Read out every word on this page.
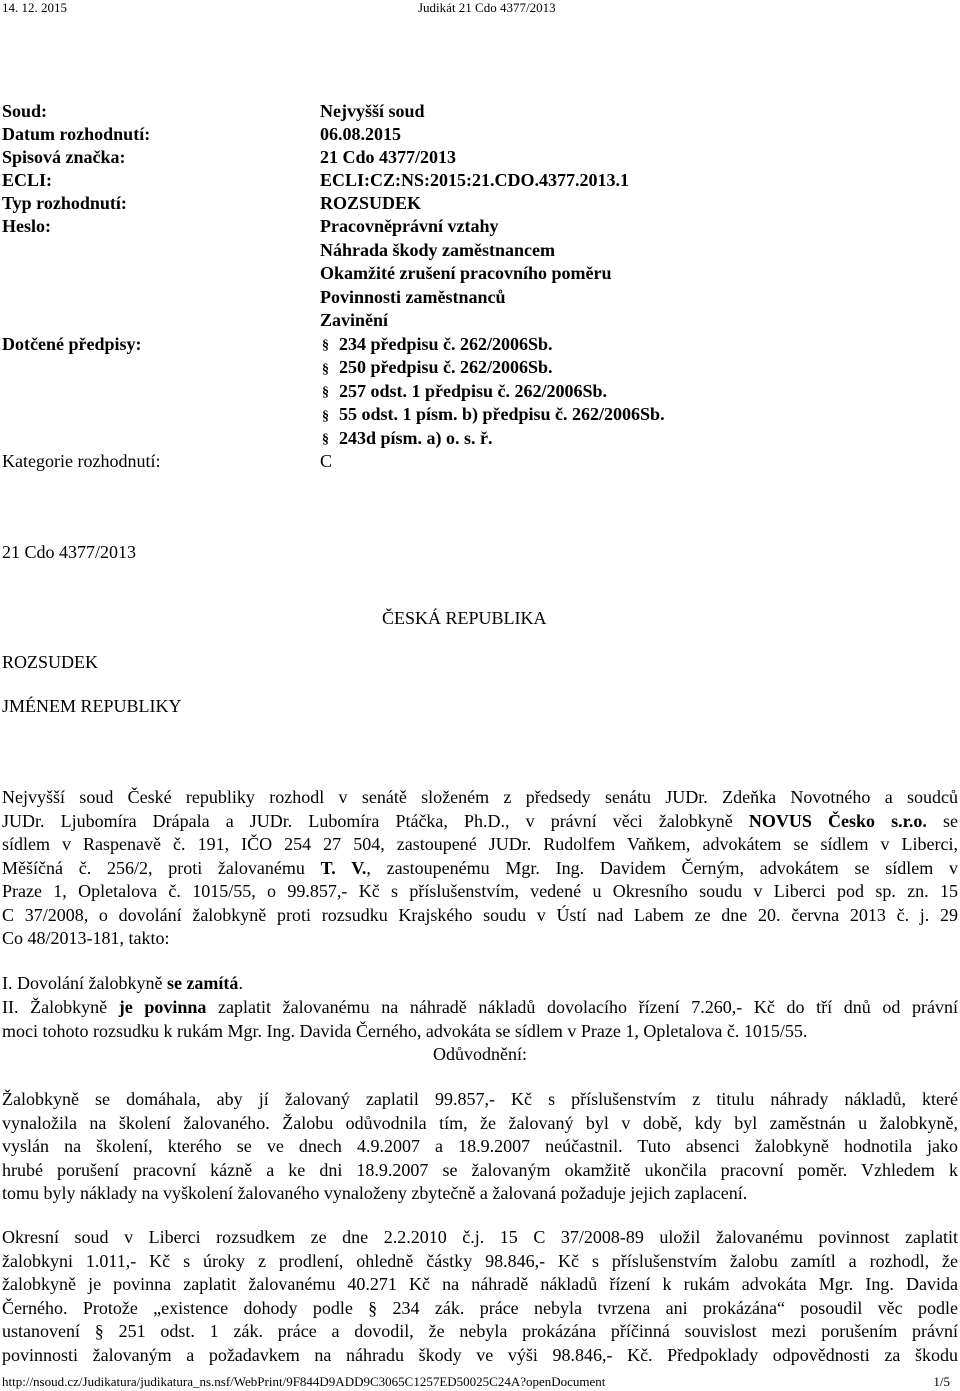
14. 12. 2015	Judikát 21 Cdo 4377/2013
Soud:	Nejvyšší soud
Datum rozhodnutí:	06.08.2015
Spisová značka:	21 Cdo 4377/2013
ECLI:	ECLI:CZ:NS:2015:21.CDO.4377.2013.1
Typ rozhodnutí:	ROZSUDEK
Heslo:	Pracovněprávní vztahy
Náhrada škody zaměstnancem
Okamžité zrušení pracovního poměru
Povinnosti zaměstnanců
Zavinění
Dotčené předpisy:	§ 234 předpisu č. 262/2006Sb.
§ 250 předpisu č. 262/2006Sb.
§ 257 odst. 1 předpisu č. 262/2006Sb.
§ 55 odst. 1 písm. b) předpisu č. 262/2006Sb.
§ 243d písm. a) o. s. ř.
Kategorie rozhodnutí:	C
21 Cdo 4377/2013
ČESKÁ REPUBLIKA
ROZSUDEK
JMÉNEM REPUBLIKY
Nejvyšší soud České republiky rozhodl v senátě složeném z předsedy senátu JUDr. Zdeňka Novotného a soudců
JUDr. Ljubomíra Drápala a JUDr. Lubomíra Ptáčka, Ph.D., v právní věci žalobkyně NOVUS Česko s.r.o. se
sídlem v Raspenavě č. 191, IČO 254 27 504, zastoupené JUDr. Rudolfem Vaňkem, advokátem se sídlem v Liberci,
Měšíčná č. 256/2, proti žalovanému T. V., zastoupenému Mgr. Ing. Davidem Černým, advokátem se sídlem v
Praze 1, Opletalova č. 1015/55, o 99.857,- Kč s příslušenstvím, vedené u Okresního soudu v Liberci pod sp. zn. 15
C 37/2008, o dovolání žalobkyně proti rozsudku Krajského soudu v Ústí nad Labem ze dne 20. června 2013 č. j. 29
Co 48/2013-181, takto:
I. Dovolání žalobkyně se zamítá.
II. Žalobkyně je povinna zaplatit žalovanému na náhradě nákladů dovolacího řízení 7.260,- Kč do tří dnů od právní
moci tohoto rozsudku k rukám Mgr. Ing. Davida Černého, advokáta se sídlem v Praze 1, Opletalova č. 1015/55.
Odůvodnění:
Žalobkyně se domáhala, aby jí žalovaný zaplatil 99.857,- Kč s příslušenstvím z titulu náhrady nákladů, které
vynaložila na školení žalovaného. Žalobu odůvodnila tím, že žalovaný byl v době, kdy byl zaměstnán u žalobkyně,
vyslán na školení, kterého se ve dnech 4.9.2007 a 18.9.2007 neúčastnil. Tuto absenci žalobkyně hodnotila jako
hrubé porušení pracovní kázně a ke dni 18.9.2007 se žalovaným okamžitě ukončila pracovní poměr. Vzhledem k
tomu byly náklady na vyškolení žalovaného vynaloženy zbytečně a žalovaná požaduje jejich zaplacení.
Okresní soud v Liberci rozsudkem ze dne 2.2.2010 č.j. 15 C 37/2008-89 uložil žalovanému povinnost zaplatit
žalobkyni 1.011,- Kč s úroky z prodlení, ohledně částky 98.846,- Kč s příslušenstvím žalobu zamítl a rozhodl, že
žalobkyně je povinna zaplatit žalovanému 40.271 Kč na náhradě nákladů řízení k rukám advokáta Mgr. Ing. Davida
Černého. Protože „existence dohody podle § 234 zák. práce nebyla tvrzena ani prokázána“ posoudil věc podle
ustanovení § 251 odst. 1 zák. práce a dovodil, že nebyla prokázána příčinná souvislost mezi porušením právní
povinnosti žalovaným a požadavkem na náhradu škody ve výši 98.846,- Kč. Předpoklady odpovědnosti za škodu
http://nsoud.cz/Judikatura/judikatura_ns.nsf/WebPrint/9F844D9ADD9C3065C1257ED50025C24A?openDocument	1/5
